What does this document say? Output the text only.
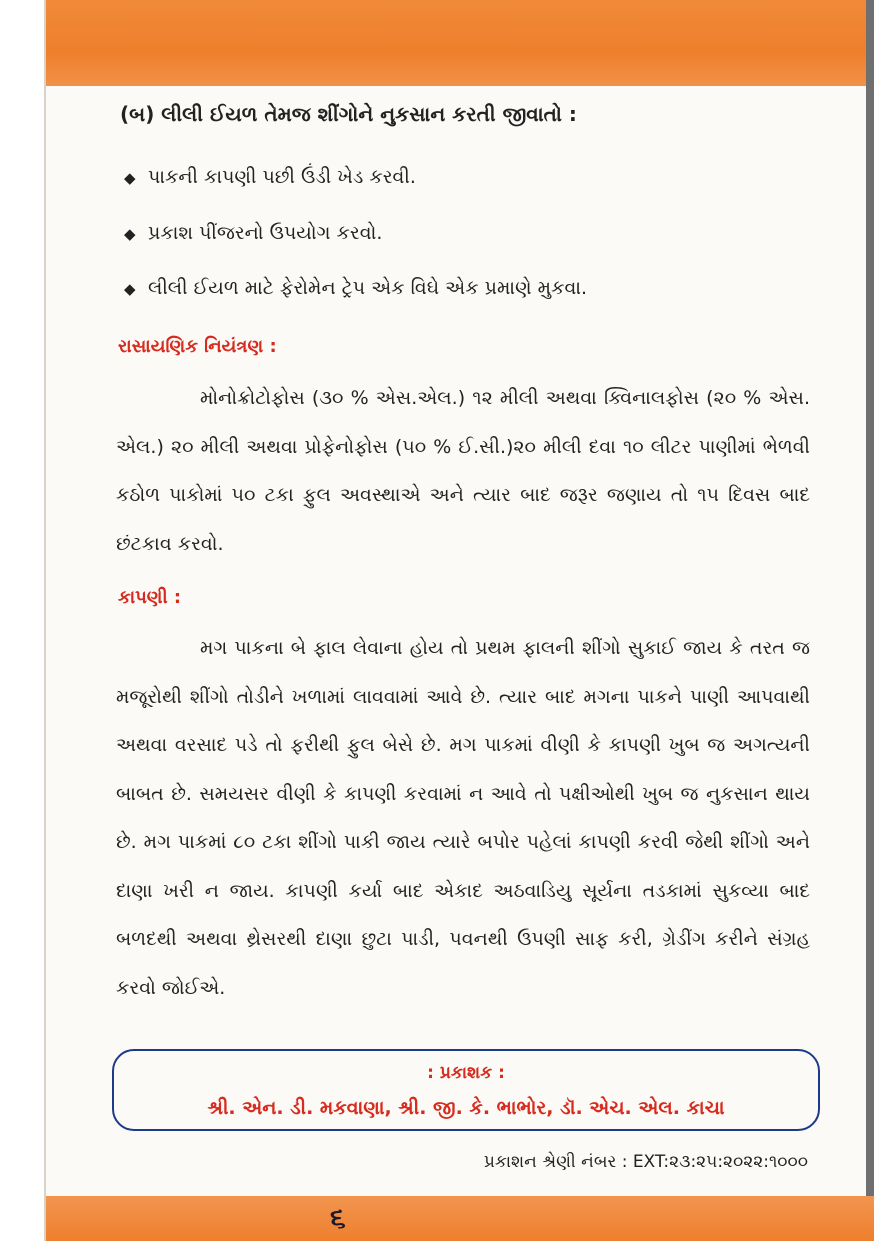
(બ) લીલી ઈયળ તેમજ શીંગોને નુકસાન કરતી જીવાતો :
◆ પાકની કાપણી પછી ઉંડી ખેડ કરવી.
◆ પ્રકાશ પીંજરનો ઉપયોગ કરવો.
◆ લીલી ઈયળ માટે ફેરોમેન ટ્રેપ એક વિઘે એક પ્રમાણે મુકવા.
રાસાયણિક નિયંત્રણ :
મોનોક્રોટોફોસ (૩૦ % એસ.એલ.) ૧૨ મીલી અથવા ક્વિનાલફોસ (૨૦ % એસ. એલ.) ૨૦ મીલી અથવા પ્રોફેનોફોસ (૫૦ % ઈ.સી.)૨૦ મીલી દવા ૧૦ લીટર પાણીમાં ભેળવી કઠોળ પાકોમાં ૫૦ ટકા ફુલ અવસ્થાએ અને ત્યાર બાદ જરૂર જણાય તો ૧૫ દિવસ બાદ છંટકાવ કરવો.
કાપણી :
મગ પાકના બે ફાલ લેવાના હોય તો પ્રથમ ફાલની શીંગો સુકાઈ જાય કે તરત જ મજૂરોથી શીંગો તોડીને ખળામાં લાવવામાં આવે છે. ત્યાર બાદ મગના પાકને પાણી આપવાથી અથવા વરસાદ પડે તો ફરીથી ફુલ બેસે છે. મગ પાકમાં વીણી કે કાપણી ખુબ જ અગત્યની બાબત છે. સમયસર વીણી કે કાપણી કરવામાં ન આવે તો પક્ષીઓથી ખુબ જ નુકસાન થાય છે. મગ પાકમાં ૮૦ ટકા શીંગો પાકી જાય ત્યારે બપોર પહેલાં કાપણી કરવી જેથી શીંગો અને દાણા ખરી ન જાય. કાપણી કર્યા બાદ એકાદ અઠવાડિયુ સૂર્યના તડકામાં સુકવ્યા બાદ બળદથી અથવા થ્રેસરથી દાણા છુટા પાડી, પવનથી ઉપણી સાફ કરી, ગ્રેડીંગ કરીને સંગ્રહ કરવો જોઈએ.
: પ્રકાશક :
શ્રી. એન. ડી. મકવાણા, શ્રી. જી. કે. ભાભોર, ડૉ. એચ. એલ. કાચા
પ્રકાશન શ્રેણી નંબર : EXT:૨૩:૨૫:૨૦૨૨:૧૦૦૦
૬
